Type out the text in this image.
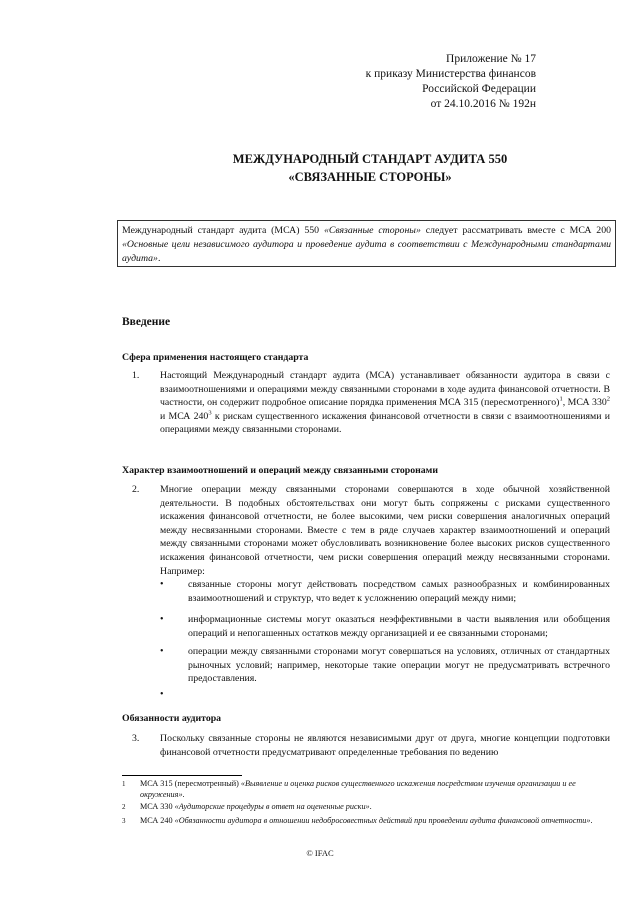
Приложение № 17
к приказу Министерства финансов
Российской Федерации
от 24.10.2016 № 192н
МЕЖДУНАРОДНЫЙ СТАНДАРТ АУДИТА 550
«СВЯЗАННЫЕ СТОРОНЫ»
Международный стандарт аудита (МСА) 550 «Связанные стороны» следует рассматривать вместе с МСА 200 «Основные цели независимого аудитора и проведение аудита в соответствии с Международными стандартами аудита».
Введение
Сфера применения настоящего стандарта
1. Настоящий Международный стандарт аудита (МСА) устанавливает обязанности аудитора в связи с взаимоотношениями и операциями между связанными сторонами в ходе аудита финансовой отчетности. В частности, он содержит подробное описание порядка применения МСА 315 (пересмотренного)$^1$, МСА $330^2$ и МСА $240^3$ к рискам существенного искажения финансовой отчетности в связи с взаимоотношениями и операциями между связанными сторонами.
Характер взаимоотношений и операций между связанными сторонами
2. Многие операции между связанными сторонами совершаются в ходе обычной хозяйственной деятельности. В подобных обстоятельствах они могут быть сопряжены с рисками существенного искажения финансовой отчетности, не более высокими, чем риски совершения аналогичных операций между несвязанными сторонами. Вместе с тем в ряде случаев характер взаимоотношений и операций между связанными сторонами может обусловливать возникновение более высоких рисков существенного искажения финансовой отчетности, чем риски совершения операций между несвязанными сторонами. Например:
• связанные стороны могут действовать посредством самых разнообразных и комбинированных взаимоотношений и структур, что ведет к усложнению операций между ними;
• информационные системы могут оказаться неэффективными в части выявления или обобщения операций и непогашенных остатков между организацией и ее связанными сторонами;
• операции между связанными сторонами могут совершаться на условиях, отличных от стандартных рыночных условий; например, некоторые такие операции могут не предусматривать встречного предоставления.
•
Обязанности аудитора
3. Поскольку связанные стороны не являются независимыми друг от друга, многие концепции подготовки финансовой отчетности предусматривают определенные требования по ведению
1 МСА 315 (пересмотренный) «Выявление и оценка рисков существенного искажения посредством изучения организации и ее окружения».
2 МСА 330 «Аудиторские процедуры в ответ на оцененные риски».
3 МСА 240 «Обязанности аудитора в отношении недобросовестных действий при проведении аудита финансовой отчетности».
© IFAC
